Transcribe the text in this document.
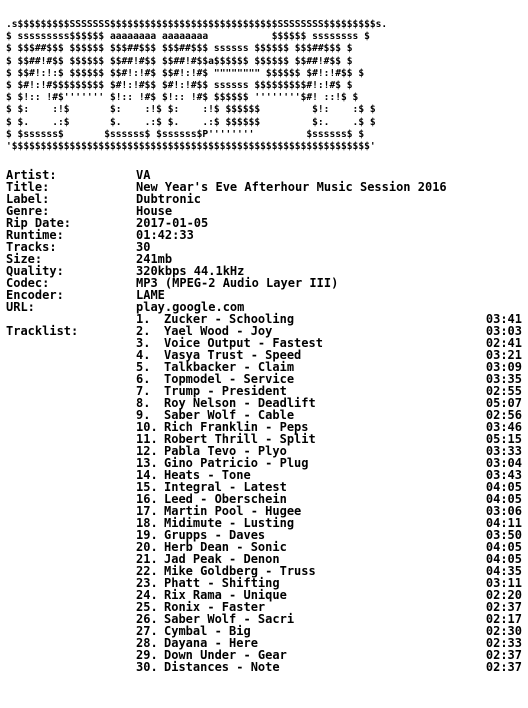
.s$$$$$$$$$SSSSSSS$$$$$$$$$$$$$$$$$$$$$$$$$$$$$SSSSSSSS$$$$$$$$$s.
$ sssssssss$$$$$$ aaaaaaaa aaaaaaaa           $$$$$$ ssssssss $
$ $$$##$$$ $$$$$$ $$$##$$$ $$$##$$$ ssssss $$$$$$ $$$##$$$ $
$ $$##!#$$ $$$$$$ $$##!#$$ $$##!#$$a$$$$$$ $$$$$$ $$##!#$$ $
$ $$#!:!:$ $$$$$$ $$#!:!#$ $$#!:!#$ """""""" $$$$$$ $#!:!#$$ $
$ $#!:!#$$$$$$$$$ $#!:!#$$ $#!:!#$$ ssssss $$$$$$$$$#!:!#$ $
$ $!:: !#$''''''' $!:: !#$ $!:: !#$ $$$$$$ ''''''''$#! ::!$ $
$ $:    :!$       $:    :!$ $:    :!$ $$$$$$         $!:    :$ $
$ $.    .:$       $.    .:$ $.    .:$ $$$$$$         $:.    .$ $
$ $ssssss$       $ssssss$ $ssssss$P''''''''         $ssssss$ $
'$$$$$$$$$$$$$$$$$$$$$$$$$$$$$$$$$$$$$$$$$$$$$$$$$$$$$$$$$$$$$$'
Artist:	VA
Title:	New Year's Eve Afterhour Music Session 2016
Label:	Dubtronic
Genre:	House
Rip Date:	2017-01-05
Runtime:	01:42:33
Tracks:	30
Size:	241mb
Quality:	320kbps 44.1kHz
Codec:	MP3 (MPEG-2 Audio Layer III)
Encoder:	LAME
URL:	play.google.com

Tracklist:

1.	Zucker - Schooling	03:41
2.	Yael Wood - Joy	03:03
3.	Voice Output - Fastest	02:41
4.	Vasya Trust - Speed	03:21
5.	Talkbacker - Claim	03:09
6.	Topmodel - Service	03:35
7.	Trump - President	02:55
8.	Roy Nelson - Deadlift	05:07
9.	Saber Wolf - Cable	02:56
10. Rich Franklin - Peps	03:46
11. Robert Thrill - Split	05:15
12. Pabla Tevo - Plyo	03:33
13. Gino Patricio - Plug	03:04
14. Heats - Tone	03:43
15. Integral - Latest	04:05
16. Leed - Oberschein	04:05
17. Martin Pool - Hugee	03:06
18. Midimute - Lusting	04:11
19. Grupps - Daves	03:50
20. Herb Dean - Sonic	04:05
21. Jad Peak - Denon	04:05
22. Mike Goldberg - Truss	04:35
23. Phatt - Shifting	03:11
24. Rix Rama - Unique	02:20
25. Ronix - Faster	02:37
26. Saber Wolf - Sacri	02:17
27. Cymbal - Big	02:30
28. Dayana - Here	02:33
29. Down Under - Gear	02:37
30. Distances - Note	02:37
